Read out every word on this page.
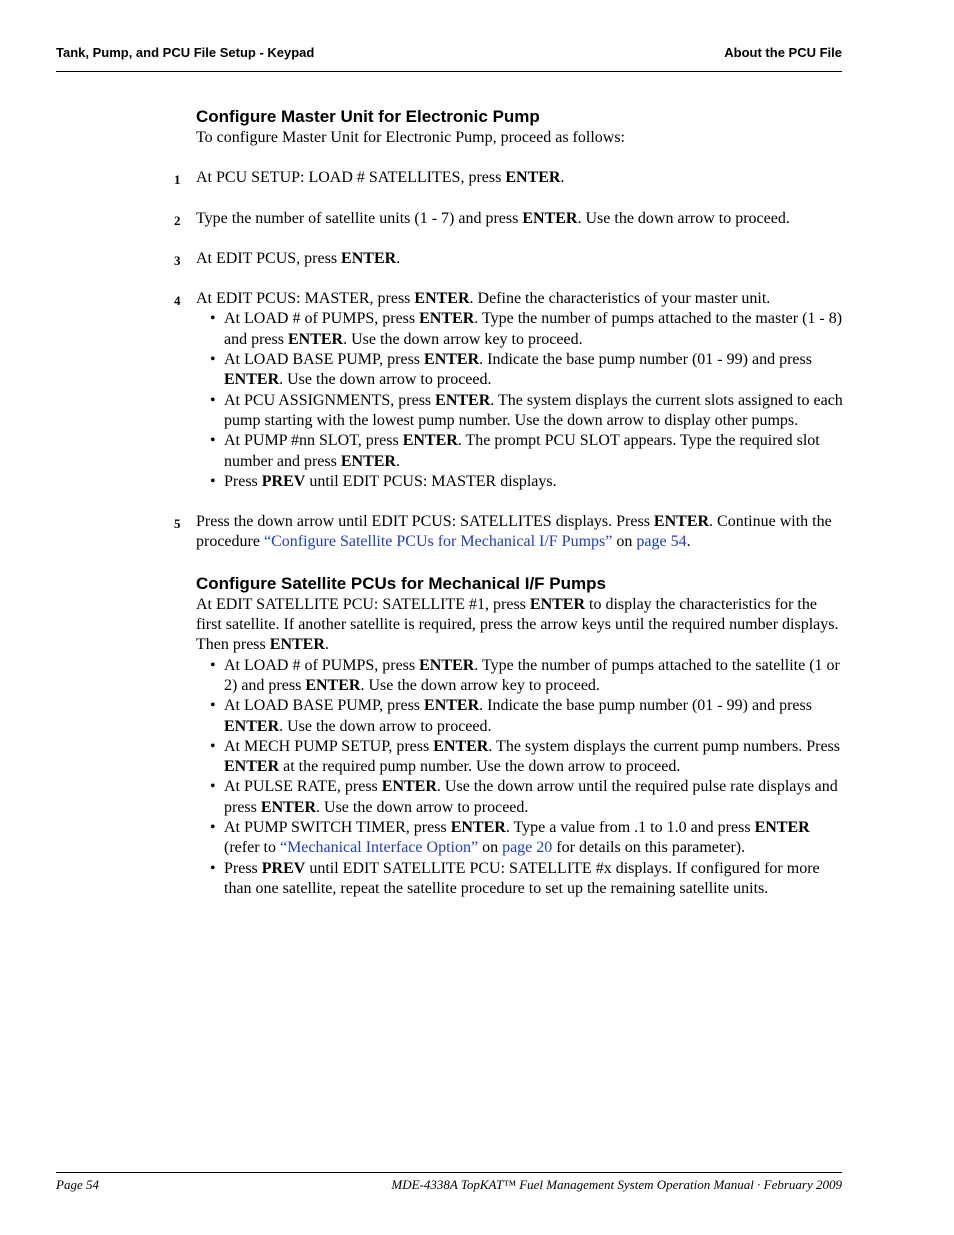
Tank, Pump, and PCU File Setup - Keypad	About the PCU File
Configure Master Unit for Electronic Pump

To configure Master Unit for Electronic Pump, proceed as follows:

1 At PCU SETUP: LOAD # SATELLITES, press ENTER.
2 Type the number of satellite units (1 - 7) and press ENTER. Use the down arrow to proceed.
3 At EDIT PCUS, press ENTER.
4 At EDIT PCUS: MASTER, press ENTER. Define the characteristics of your master unit.
• At LOAD # of PUMPS, press ENTER. Type the number of pumps attached to the master (1 - 8) and press ENTER. Use the down arrow key to proceed.
• At LOAD BASE PUMP, press ENTER. Indicate the base pump number (01 - 99) and press ENTER. Use the down arrow to proceed.
• At PCU ASSIGNMENTS, press ENTER. The system displays the current slots assigned to each pump starting with the lowest pump number. Use the down arrow to display other pumps.
• At PUMP #nn SLOT, press ENTER. The prompt PCU SLOT appears. Type the required slot number and press ENTER.
• Press PREV until EDIT PCUS: MASTER displays.
5 Press the down arrow until EDIT PCUS: SATELLITES displays. Press ENTER. Continue with the procedure “Configure Satellite PCUs for Mechanical I/F Pumps” on page 54.
Configure Satellite PCUs for Mechanical I/F Pumps

At EDIT SATELLITE PCU: SATELLITE #1, press ENTER to display the characteristics for the first satellite. If another satellite is required, press the arrow keys until the required number displays. Then press ENTER.

• At LOAD # of PUMPS, press ENTER. Type the number of pumps attached to the satellite (1 or 2) and press ENTER. Use the down arrow key to proceed.
• At LOAD BASE PUMP, press ENTER. Indicate the base pump number (01 - 99) and press ENTER. Use the down arrow to proceed.
• At MECH PUMP SETUP, press ENTER. The system displays the current pump numbers. Press ENTER at the required pump number. Use the down arrow to proceed.
• At PULSE RATE, press ENTER. Use the down arrow until the required pulse rate displays and press ENTER. Use the down arrow to proceed.
• At PUMP SWITCH TIMER, press ENTER. Type a value from .1 to 1.0 and press ENTER (refer to “Mechanical Interface Option” on page 20 for details on this parameter).
• Press PREV until EDIT SATELLITE PCU: SATELLITE #x displays. If configured for more than one satellite, repeat the satellite procedure to set up the remaining satellite units.
Page 54	MDE-4338A TopKAT™ Fuel Management System Operation Manual · February 2009
